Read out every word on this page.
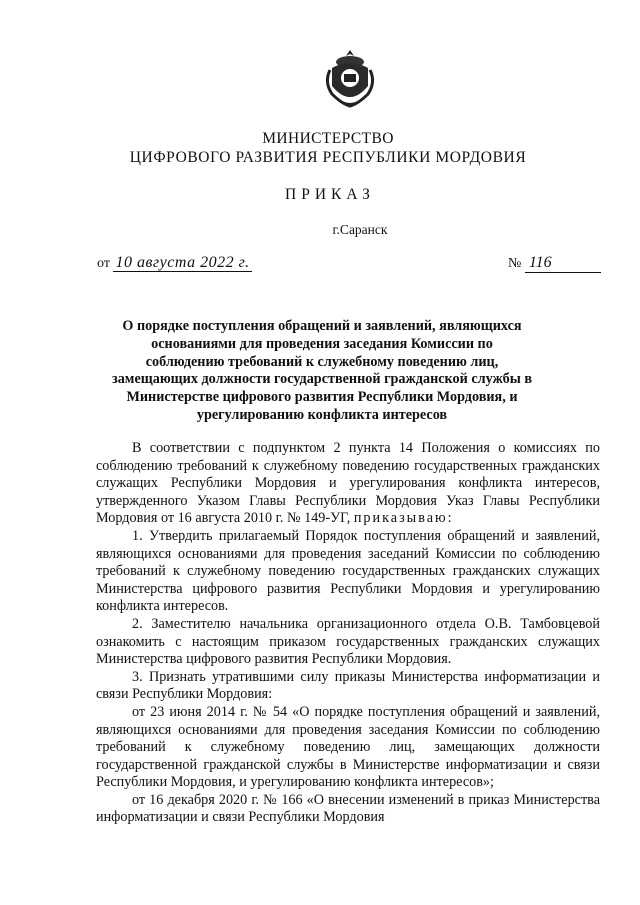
МИНИСТЕРСТВО
ЦИФРОВОГО РАЗВИТИЯ РЕСПУБЛИКИ МОРДОВИЯ
ПРИКАЗ
г.Саранск
от 10 августа 2022 г.	№ 116
О порядке поступления обращений и заявлений, являющихся основаниями для проведения заседания Комиссии по соблюдению требований к служебному поведению лиц, замещающих должности государственной гражданской службы в Министерстве цифрового развития Республики Мордовия, и урегулированию конфликта интересов

В соответствии с подпунктом 2 пункта 14 Положения о комиссиях по соблюдению требований к служебному поведению государственных гражданских служащих Республики Мордовия и урегулирования конфликта интересов, утвержденного Указом Главы Республики Мордовия Указ Главы Республики Мордовия от 16 августа 2010 г. № 149-УГ, приказываю:

1. Утвердить прилагаемый Порядок поступления обращений и заявлений, являющихся основаниями для проведения заседаний Комиссии по соблюдению требований к служебному поведению государственных гражданских служащих Министерства цифрового развития Республики Мордовия и урегулированию конфликта интересов.

2. Заместителю начальника организационного отдела О.В. Тамбовцевой ознакомить с настоящим приказом государственных гражданских служащих Министерства цифрового развития Республики Мордовия.

3. Признать утратившими силу приказы Министерства информатизации и связи Республики Мордовия:

от 23 июня 2014 г. № 54 «О порядке поступления обращений и заявлений, являющихся основаниями для проведения заседания Комиссии по соблюдению требований к служебному поведению лиц, замещающих должности государственной гражданской службы в Министерстве информатизации и связи Республики Мордовия, и урегулированию конфликта интересов»;

от 16 декабря 2020 г. № 166 «О внесении изменений в приказ Министерства информатизации и связи Республики Мордовия
